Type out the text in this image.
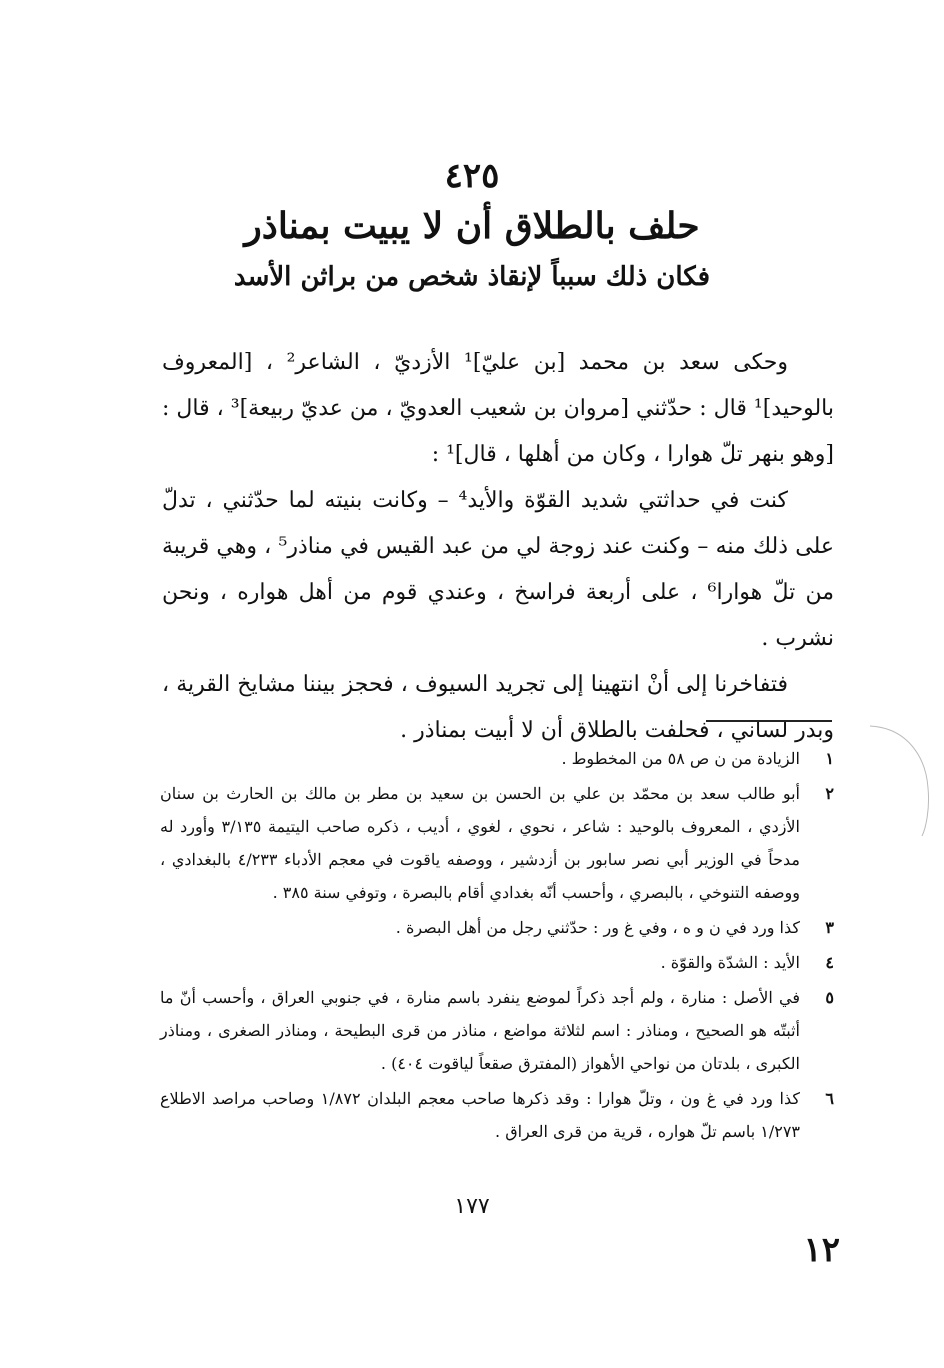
٤٢٥
حلف بالطلاق أن لا يبيت بمناذر
فكان ذلك سبباً لإنقاذ شخص من براثن الأسد

وحكى سعد بن محمد [بن عليّ]¹ الأزديّ ، الشاعر² ، [المعروف بالوحيد]¹ قال : حدّثني [مروان بن شعيب العدويّ ، من عديّ ربيعة]³ ، قال : [وهو بنهر تلّ هوارا ، وكان من أهلها ، قال]¹ :

كنت في حداثتي شديد القوّة والأيد⁴ – وكانت بنيته لما حدّثني ، تدلّ على ذلك منه – وكنت عند زوجة لي من عبد القيس في مناذر⁵ ، وهي قريبة من تلّ هوارا⁶ ، على أربعة فراسخ ، وعندي قوم من أهل هواره ، ونحن نشرب .

فتفاخرنا إلى أنْ انتهينا إلى تجريد السيوف ، فحجز بيننا مشايخ القرية ، وبدر لساني ، فحلفت بالطلاق أن لا أبيت بمناذر .

١
الزيادة من ن ص ٥٨ من المخطوط .
٢
أبو طالب سعد بن محمّد بن علي بن الحسن بن سعيد بن مطر بن مالك بن الحارث بن سنان الأزدي ، المعروف بالوحيد : شاعر ، نحوي ، لغوي ، أديب ، ذكره صاحب اليتيمة ٣/١٣٥ وأورد له مدحاً في الوزير أبي نصر سابور بن أزدشير ، ووصفه ياقوت في معجم الأدباء ٤/٢٣٣ بالبغدادي ، ووصفه التنوخي ، بالبصري ، وأحسب أنّه بغدادي أقام بالبصرة ، وتوفي سنة ٣٨٥ .
٣
كذا ورد في ن و ه ، وفي غ ور : حدّثني رجل من أهل البصرة .
٤
الأيد : الشدّة والقوّة .
٥
في الأصل : منارة ، ولم أجد ذكراً لموضع ينفرد باسم منارة ، في جنوبي العراق ، وأحسب أنّ ما أثبتّه هو الصحيح ، ومناذر : اسم لثلاثة مواضع ، مناذر من قرى البطيحة ، ومناذر الصغرى ، ومناذر الكبرى ، بلدتان من نواحي الأهواز (المفترق صقعاً لياقوت ٤٠٤) .
٦
كذا ورد في غ ون ، وتلّ هوارا : وقد ذكرها صاحب معجم البلدان ١/٨٧٢ وصاحب مراصد الاطلاع ١/٢٧٣ باسم تلّ هواره ، قرية من قرى العراق .
١٧٧
١٢
